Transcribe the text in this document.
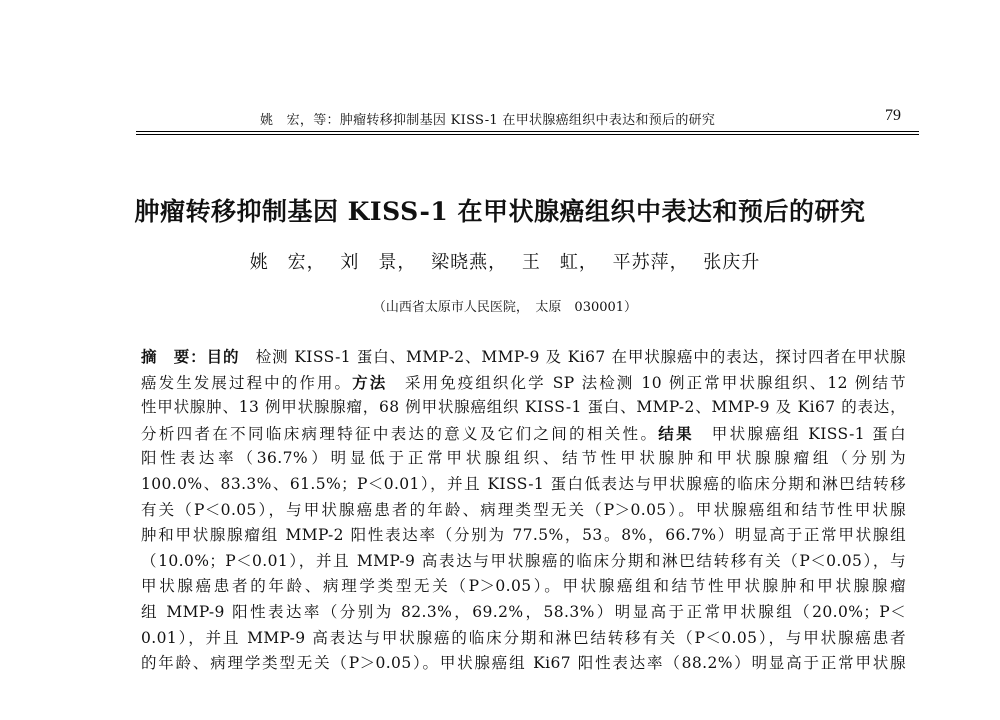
姚　宏，等：肿瘤转移抑制基因 KISS-1 在甲状腺癌组织中表达和预后的研究	79
肿瘤转移抑制基因 KISS-1 在甲状腺癌组织中表达和预后的研究
姚　宏， 刘　景， 梁晓燕， 王　虹， 平苏萍， 张庆升
（山西省太原市人民医院，　太原　030001）
摘　要：目的　检测 KISS-1 蛋白、MMP-2、MMP-9 及 Ki67 在甲状腺癌中的表达，探讨四者在甲状腺
癌发生发展过程中的作用。方法　采用免疫组织化学 SP 法检测 10 例正常甲状腺组织、12 例结节
性甲状腺肿、13 例甲状腺腺瘤，68 例甲状腺癌组织 KISS-1 蛋白、MMP-2、MMP-9 及 Ki67 的表达，
分析四者在不同临床病理特征中表达的意义及它们之间的相关性。结果　甲状腺癌组 KISS-1 蛋白
阳性表达率（36.7%）明显低于正常甲状腺组织、结节性甲状腺肿和甲状腺腺瘤组（分别为
100.0%、83.3%、61.5%；P＜0.01），并且 KISS-1 蛋白低表达与甲状腺癌的临床分期和淋巴结转移
有关（P＜0.05），与甲状腺癌患者的年龄、病理类型无关（P＞0.05）。甲状腺癌组和结节性甲状腺
肿和甲状腺腺瘤组 MMP-2 阳性表达率（分别为 77.5%，53。8%，66.7%）明显高于正常甲状腺组
（10.0%；P＜0.01），并且 MMP-9 高表达与甲状腺癌的临床分期和淋巴结转移有关（P＜0.05），与
甲状腺癌患者的年龄、病理学类型无关（P＞0.05）。甲状腺癌组和结节性甲状腺肿和甲状腺腺瘤
组 MMP-9 阳性表达率（分别为 82.3%，69.2%，58.3%）明显高于正常甲状腺组（20.0%；P＜
0.01），并且 MMP-9 高表达与甲状腺癌的临床分期和淋巴结转移有关（P＜0.05），与甲状腺癌患者
的年龄、病理学类型无关（P＞0.05）。甲状腺癌组 Ki67 阳性表达率（88.2%）明显高于正常甲状腺
